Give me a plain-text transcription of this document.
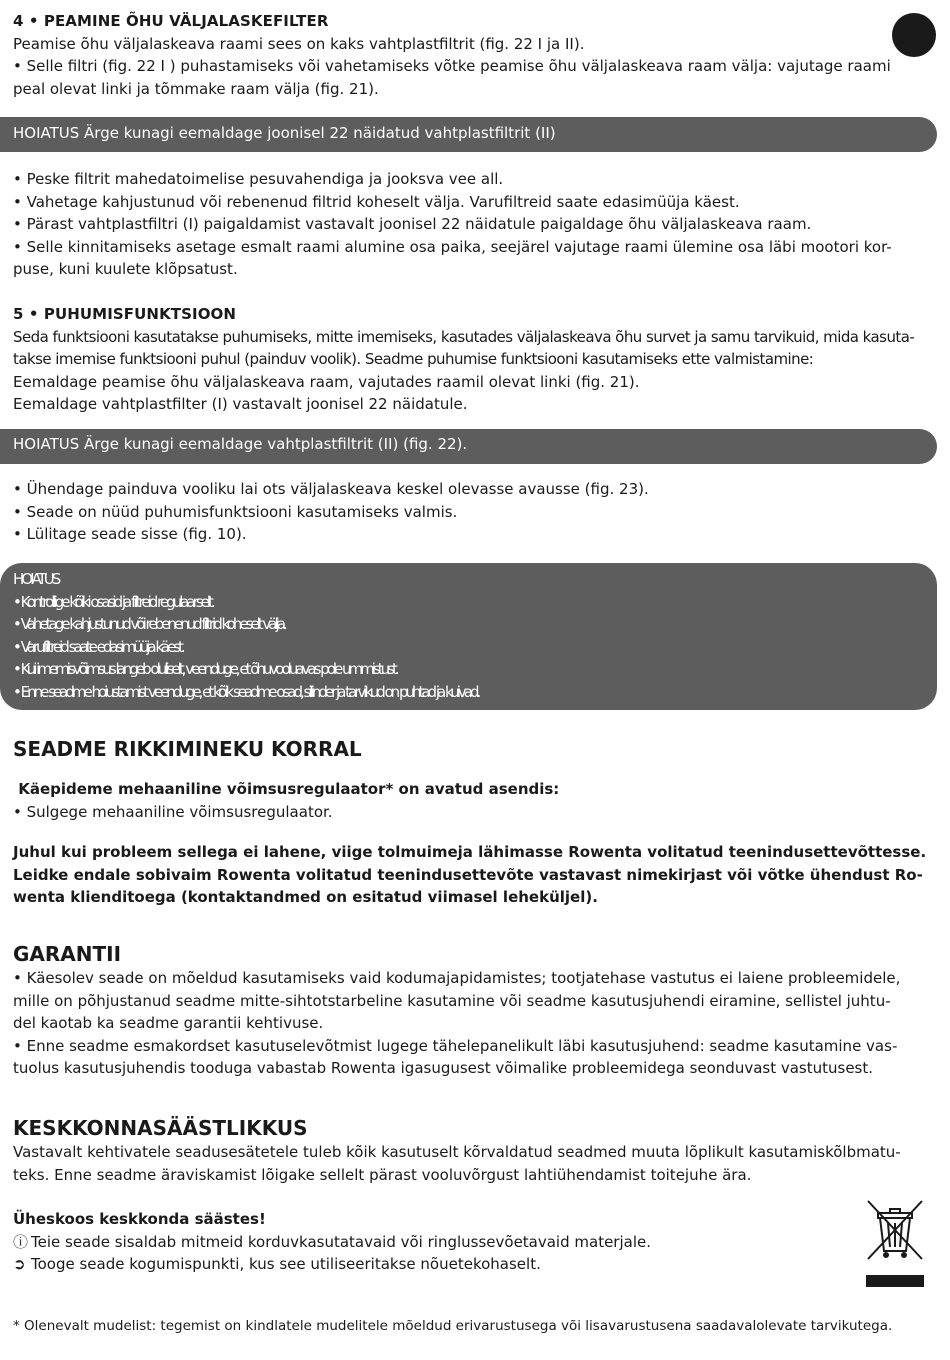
4 • PEAMINE ÕHU VÄLJALASKEFILTER

Peamise õhu väljalaskeava raami sees on kaks vahtplastfiltrit (fig. 22 I ja II).

• Selle filtri (fig. 22 I ) puhastamiseks või vahetamiseks võtke peamise õhu väljalaskeava raam välja: vajutage raami

peal olevat linki ja tõmmake raam välja (fig. 21).

HOIATUS Ärge kunagi eemaldage joonisel 22 näidatud vahtplastfiltrit (II)

• Peske filtrit mahedatoimelise pesuvahendiga ja jooksva vee all.

• Vahetage kahjustunud või rebenenud filtrid koheselt välja. Varufiltreid saate edasimüüja käest.

• Pärast vahtplastfiltri (I) paigaldamist vastavalt joonisel 22 näidatule paigaldage õhu väljalaskeava raam.

• Selle kinnitamiseks asetage esmalt raami alumine osa paika, seejärel vajutage raami ülemine osa läbi mootori kor-

puse, kuni kuulete klõpsatust.

5 • PUHUMISFUNKTSIOON

Seda funktsiooni kasutatakse puhumiseks, mitte imemiseks, kasutades väljalaskeava õhu survet ja samu tarvikuid, mida kasuta-

takse imemise funktsiooni puhul (painduv voolik). Seadme puhumise funktsiooni kasutamiseks ette valmistamine:

Eemaldage peamise õhu väljalaskeava raam, vajutades raamil olevat linki (fig. 21).

Eemaldage vahtplastfilter (I) vastavalt joonisel 22 näidatule.

HOIATUS Ärge kunagi eemaldage vahtplastfiltrit (II) (fig. 22).

• Ühendage painduva vooliku lai ots väljalaskeava keskel olevasse avausse (fig. 23).

• Seade on nüüd puhumisfunktsiooni kasutamiseks valmis.

• Lülitage seade sisse (fig. 10).

HOIATUS

• Kontrollige kõiki osasid ja filtreid regulaarselt.

• Vahetage kahjustunud või rebenenud filtrid koheselt välja.

• Varufiltreid saate edasimüüja käest.

• Kui imemisvõimsus langeb oluliselt, veenduge, et õhuvooluavas pole ummistust.

• Enne seadme hoiustamist veenduge, et kõik seadme osad, silinder ja tarvikud on puhtad ja kuivad.

SEADME RIKKIMINEKU KORRAL

Käepideme mehaaniline võimsusregulaator* on avatud asendis:

• Sulgege mehaaniline võimsusregulaator.

Juhul kui probleem sellega ei lahene, viige tolmuimeja lähimasse Rowenta volitatud teenindusettevõttesse.

Leidke endale sobivaim Rowenta volitatud teenindusettevõte vastavast nimekirjast või võtke ühendust Ro-

wenta klienditoega (kontaktandmed on esitatud viimasel leheküljel).

GARANTII

• Käesolev seade on mõeldud kasutamiseks vaid kodumajapidamistes; tootjatehase vastutus ei laiene probleemidele,

mille on põhjustanud seadme mitte-sihtotstarbeline kasutamine või seadme kasutusjuhendi eiramine, sellistel juhtu-

del kaotab ka seadme garantii kehtivuse.

• Enne seadme esmakordset kasutuselevõtmist lugege tähelepanelikult läbi kasutusjuhend: seadme kasutamine vas-

tuolus kasutusjuhendis tooduga vabastab Rowenta igasugusest võimalike probleemidega seonduvast vastutusest.

KESKKONNASÄÄSTLIKKUS

Vastavalt kehtivatele seadusesätetele tuleb kõik kasutuselt kõrvaldatud seadmed muuta lõplikult kasutamiskõlbmatu-

teks. Enne seadme äraviskamist lõigake sellelt pärast vooluvõrgust lahtiühendamist toitejuhe ära.

Üheskoos keskkonda säästes!

ⓘ Teie seade sisaldab mitmeid korduvkasutatavaid või ringlussevõetavaid materjale.

➲ Tooge seade kogumispunkti, kus see utiliseeritakse nõuetekohaselt.

* Olenevalt mudelist: tegemist on kindlatele mudelitele mõeldud erivarustusega või lisavarustusena saadavalolevate tarvikutega.
